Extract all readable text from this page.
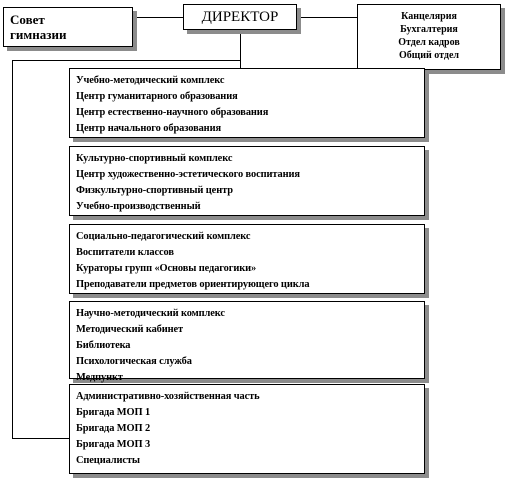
Совет
гимназии
ДИРЕКТОР	Канцелярия
Бухгалтерия
Отдел кадров
Общий отдел
Учебно-методический комплекс
Центр гуманитарного образования
Центр естественно-научного образования
Центр начального образования
Культурно-спортивный комплекс
Центр художественно-эстетического воспитания
Физкультурно-спортивный центр
Учебно-производственный
Социально-педагогический комплекс
Воспитатели классов
Кураторы групп «Основы педагогики»
Преподаватели предметов ориентирующего цикла
Научно-методический комплекс
Методический кабинет
Библиотека
Психологическая служба
Медпункт
Административно-хозяйственная часть
Бригада МОП 1
Бригада МОП 2
Бригада МОП 3
Специалисты
